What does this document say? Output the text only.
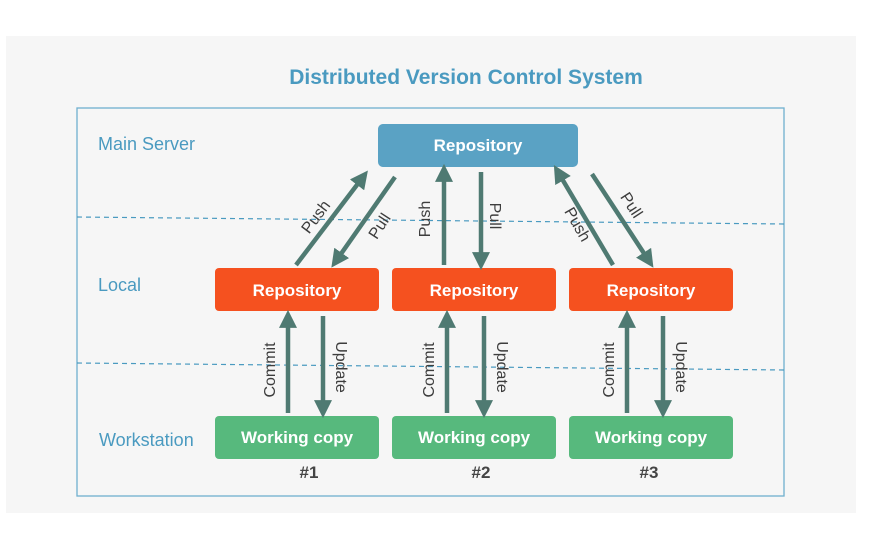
Distributed Version Control System
Main Server
Local
Workstation
Repository
Repository	Repository	Repository
Working copy	Working copy	Working copy
#1	#2	#3
Push Pull Push	Pull	Push Pull
Commit	Update	Commit	Update	Commit	Update
